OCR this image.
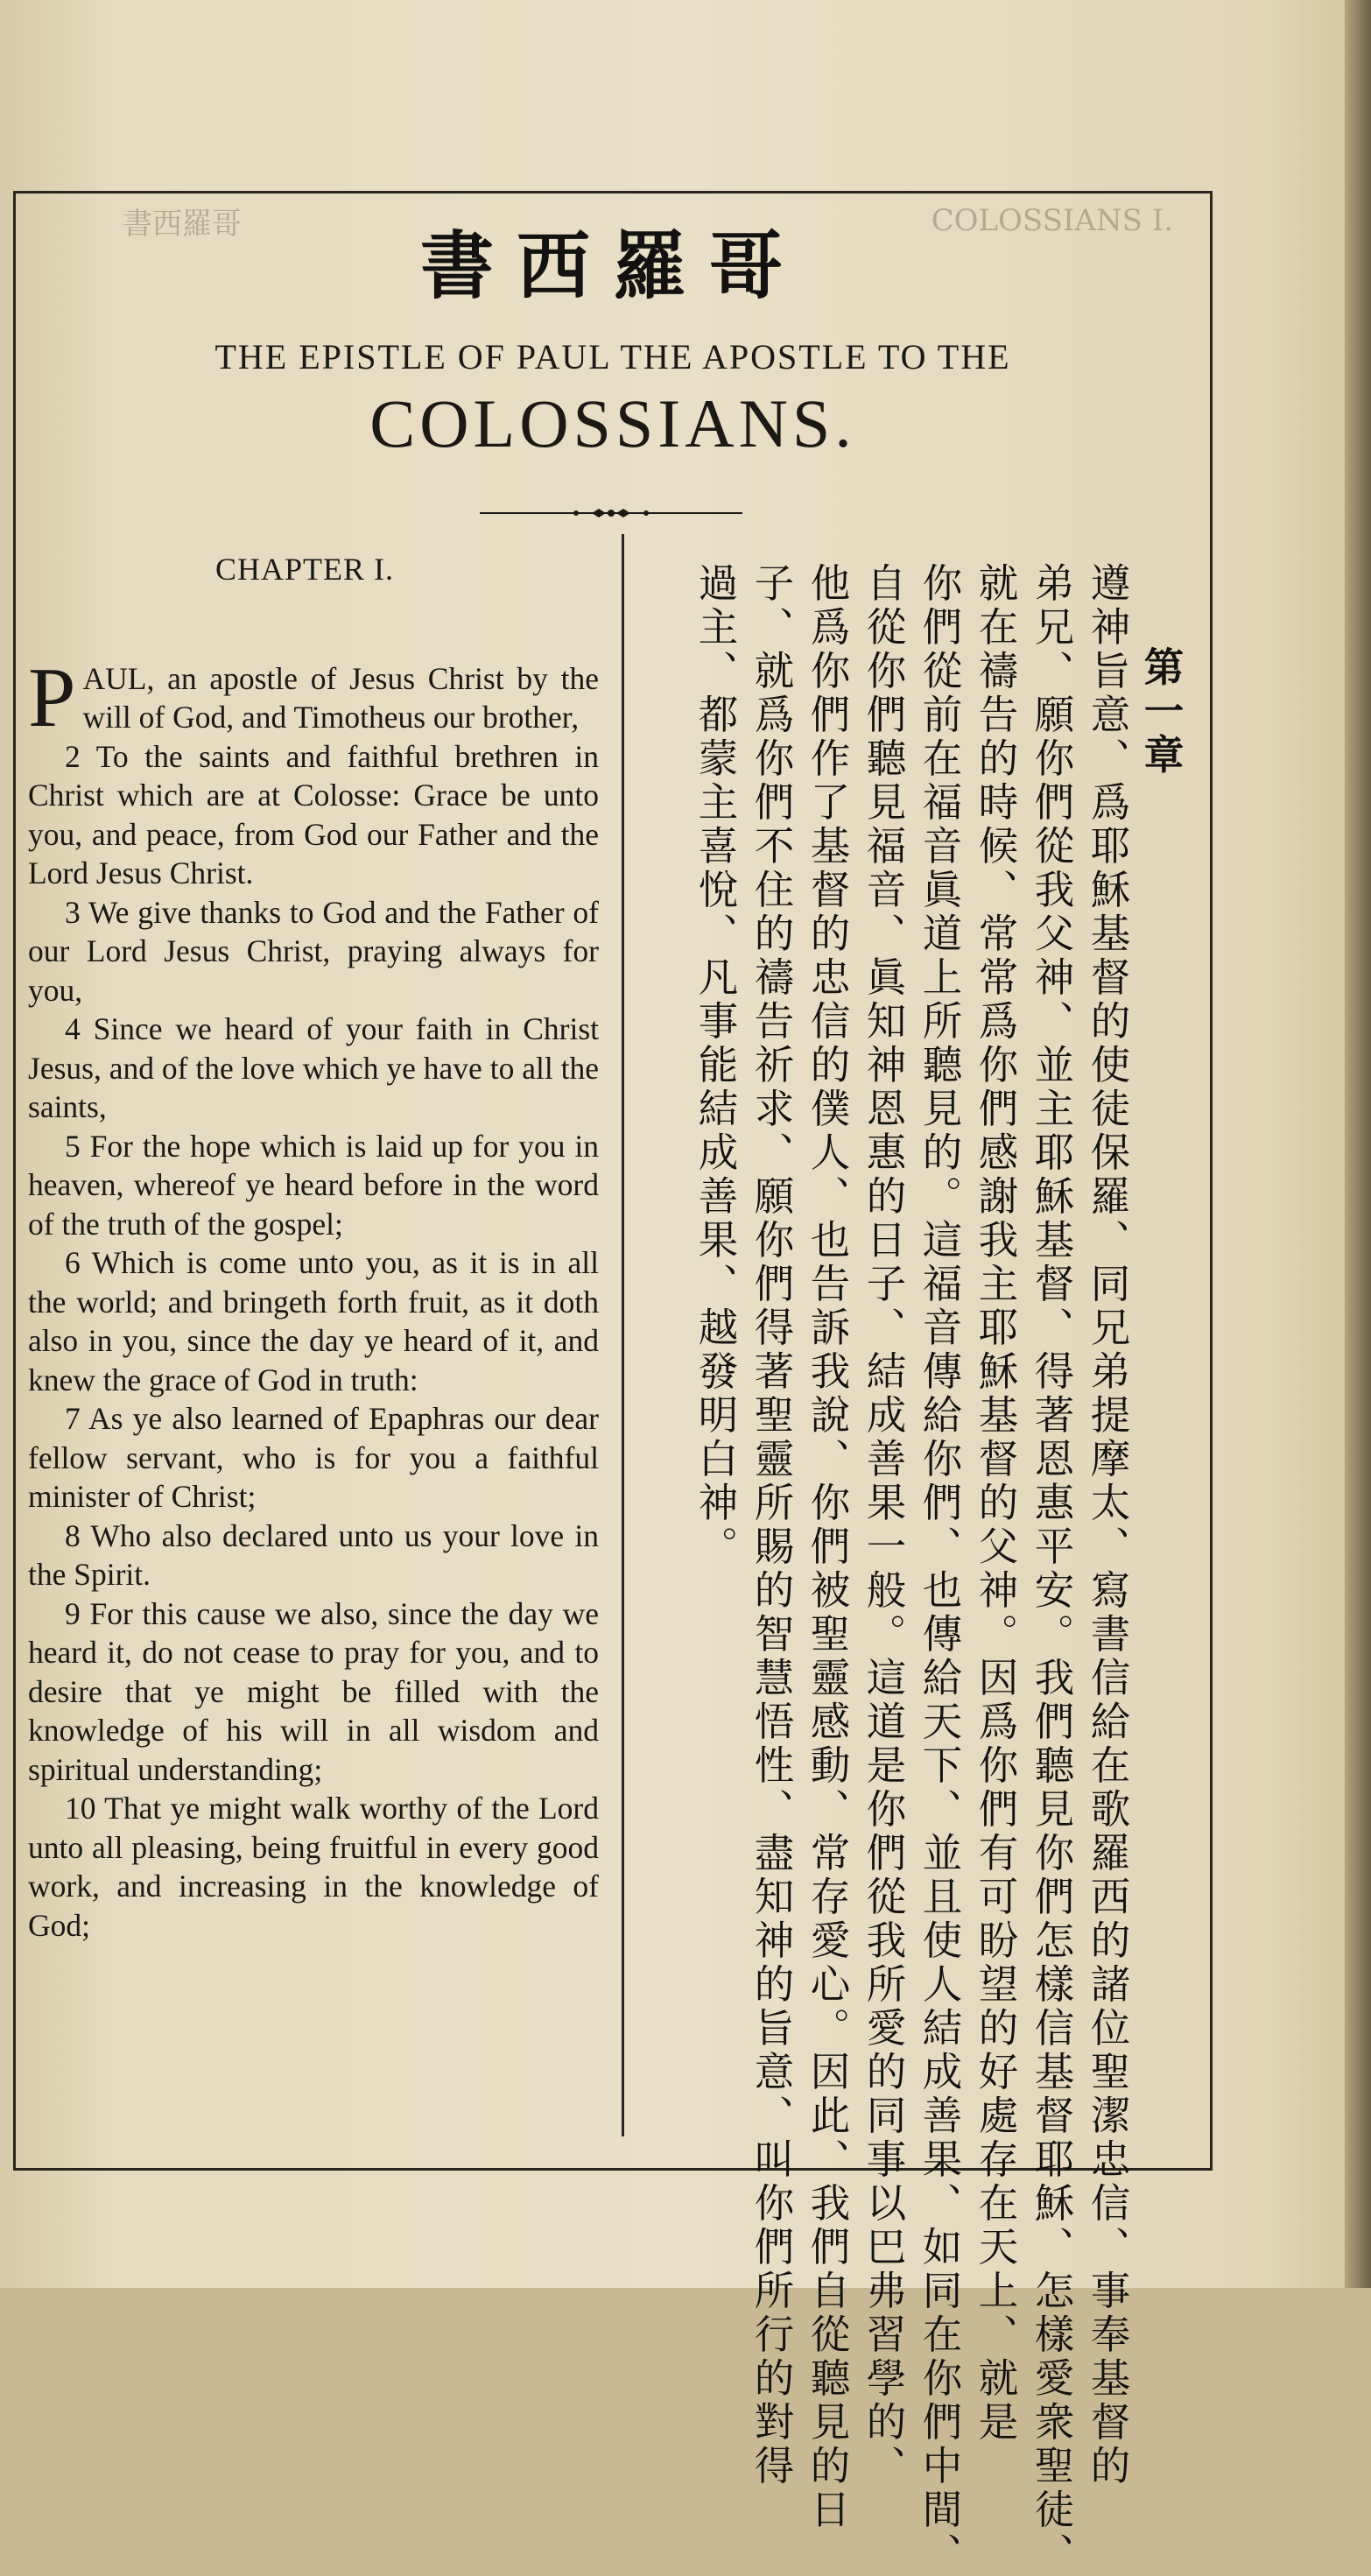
書西羅哥	COLOSSIANS I.
書西羅哥
THE EPISTLE OF PAUL THE APOSTLE TO THE
COLOSSIANS.
CHAPTER I.

PAUL, an apostle of Jesus Christ by the will of God, and Timotheus our brother,

2 To the saints and faithful brethren in Christ which are at Colosse: Grace be unto you, and peace, from God our Father and the Lord Jesus Christ.

3 We give thanks to God and the Father of our Lord Jesus Christ, praying always for you,

4 Since we heard of your faith in Christ Jesus, and of the love which ye have to all the saints,

5 For the hope which is laid up for you in heaven, whereof ye heard before in the word of the truth of the gospel;

6 Which is come unto you, as it is in all the world; and bringeth forth fruit, as it doth also in you, since the day ye heard of it, and knew the grace of God in truth:

7 As ye also learned of Epaphras our dear fellow servant, who is for you a faithful minister of Christ;

8 Who also declared unto us your love in the Spirit.

9 For this cause we also, since the day we heard it, do not cease to pray for you, and to desire that ye might be filled with the knowledge of his will in all wisdom and spiritual understanding;

10 That ye might walk worthy of the Lord unto all pleasing, being fruitful in every good work, and increasing in the knowledge of God;

第一章
遵神旨意、爲耶穌基督的使徒保羅、同兄弟提摩太、寫書信給在歌羅西的諸位聖潔忠信、事奉基督的
弟兄、願你們從我父神、並主耶穌基督、得著恩惠平安。我們聽見你們怎樣信基督耶穌、怎樣愛衆聖徒、
就在禱告的時候、常常爲你們感謝我主耶穌基督的父神。因爲你們有可盼望的好處存在天上、就是
你們從前在福音眞道上所聽見的。這福音傳給你們、也傳給天下、並且使人結成善果、如同在你們中間、
自從你們聽見福音、眞知神恩惠的日子、結成善果一般。這道是你們從我所愛的同事以巴弗習學的、
他爲你們作了基督的忠信的僕人、也告訴我說、你們被聖靈感動、常存愛心。因此、我們自從聽見的日
子、就爲你們不住的禱告祈求、願你們得著聖靈所賜的智慧悟性、盡知神的旨意、叫你們所行的對得
過主、都蒙主喜悅、凡事能結成善果、越發明白神。
